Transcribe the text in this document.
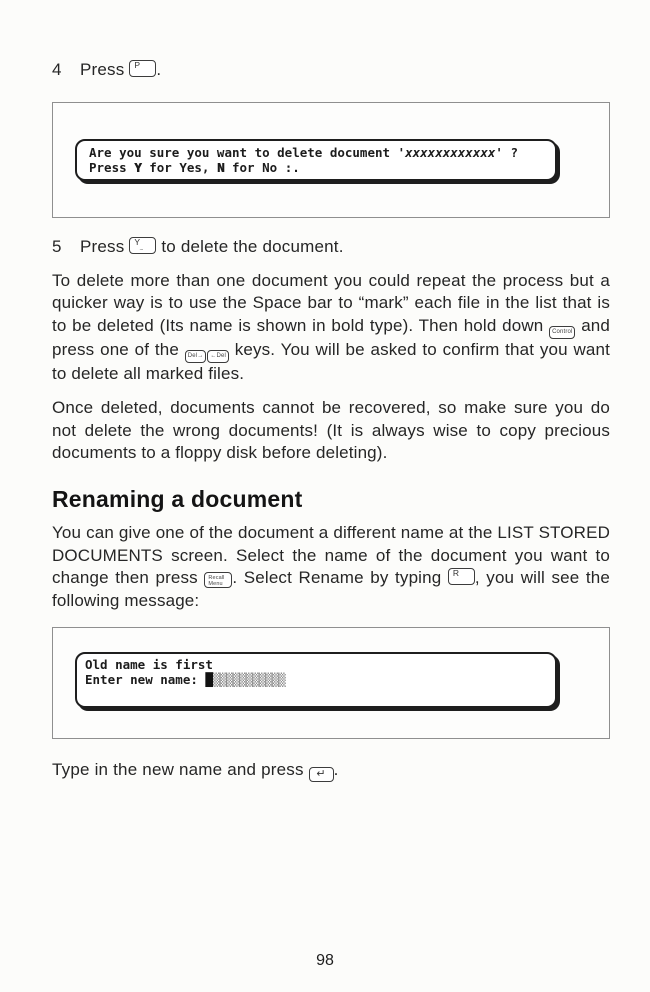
4 Press P .
Are you sure you want to delete document 'xxxxxxxxxxxx' ?
Press Y for Yes, N for No :.
5 Press Y
... to delete the document.

To delete more than one document you could repeat the process but a quicker way is to use the Space bar to “mark” each file in the list that is to be deleted (Its name is shown in bold type). Then hold down Control and press one of the Del→ ←Del keys. You will be asked to confirm that you want to delete all marked files.

Once deleted, documents cannot be recovered, so make sure you do not delete the wrong documents! (It is always wise to copy precious documents to a floppy disk before deleting).

Renaming a document

You can give one of the document a different name at the LIST STORED DOCUMENTS screen. Select the name of the document you want to change then press Recall
Menu . Select Rename by typing R , you will see the following message:

Old name is first
Enter new name: █▒▒▒▒▒▒▒▒▒▒▒
Type in the new name and press ↵ .
98
